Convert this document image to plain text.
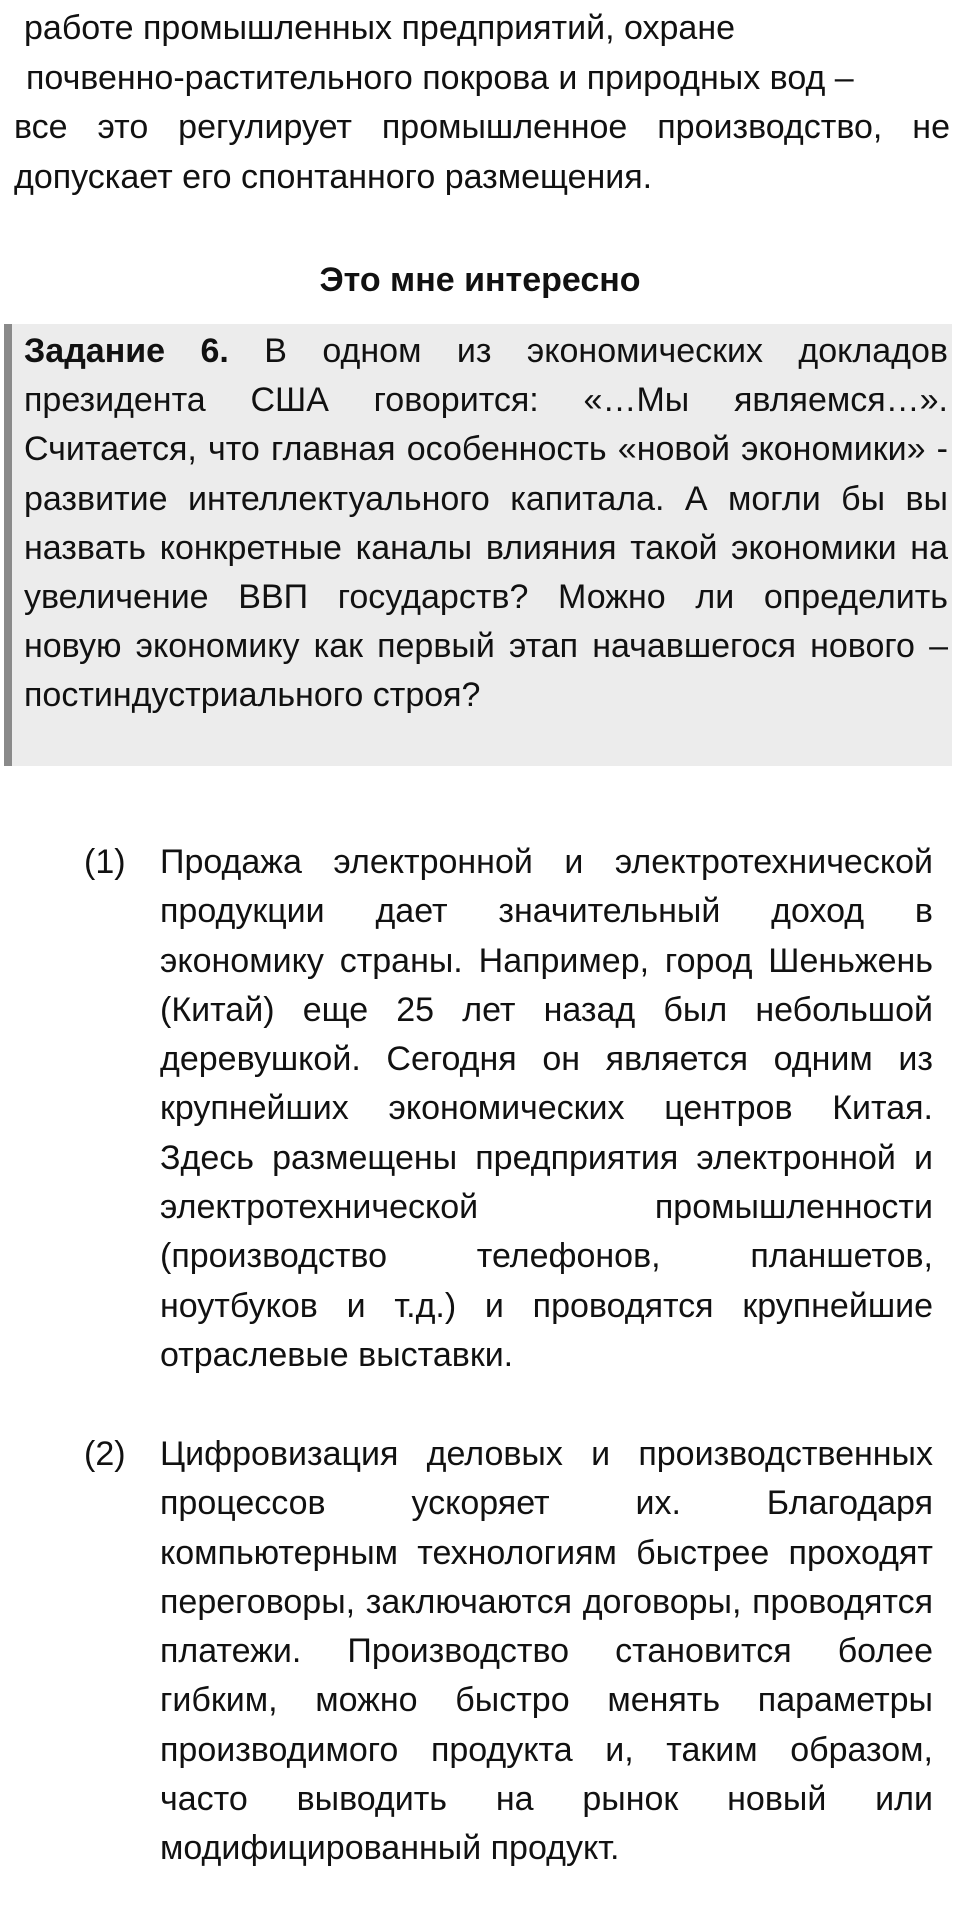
работе промышленных предприятий, охране
почвенно-растительного покрова и природных вод –
все это регулирует промышленное производство, не допускает его спонтанного размещения.

Это мне интересно

Задание 6. В одном из экономических докладов президента США говорится: «…Мы являемся…». Считается, что главная особенность «новой экономики» - развитие интеллектуального капитала. А могли бы вы назвать конкретные каналы влияния такой экономики на увеличение ВВП государств? Можно ли определить новую экономику как первый этап начавшегося нового – постиндустриального строя?

(1) Продажа электронной и электротехнической продукции дает значительный доход в экономику страны. Например, город Шеньжень (Китай) еще 25 лет назад был небольшой деревушкой. Сегодня он является одним из крупнейших экономических центров Китая. Здесь размещены предприятия электронной и электротехнической промышленности (производство телефонов, планшетов, ноутбуков и т.д.) и проводятся крупнейшие отраслевые выставки.

(2) Цифровизация деловых и производственных процессов ускоряет их. Благодаря компьютерным технологиям быстрее проходят переговоры, заключаются договоры, проводятся платежи. Производство становится более гибким, можно быстро менять параметры производимого продукта и, таким образом, часто выводить на рынок новый или модифицированный продукт.
